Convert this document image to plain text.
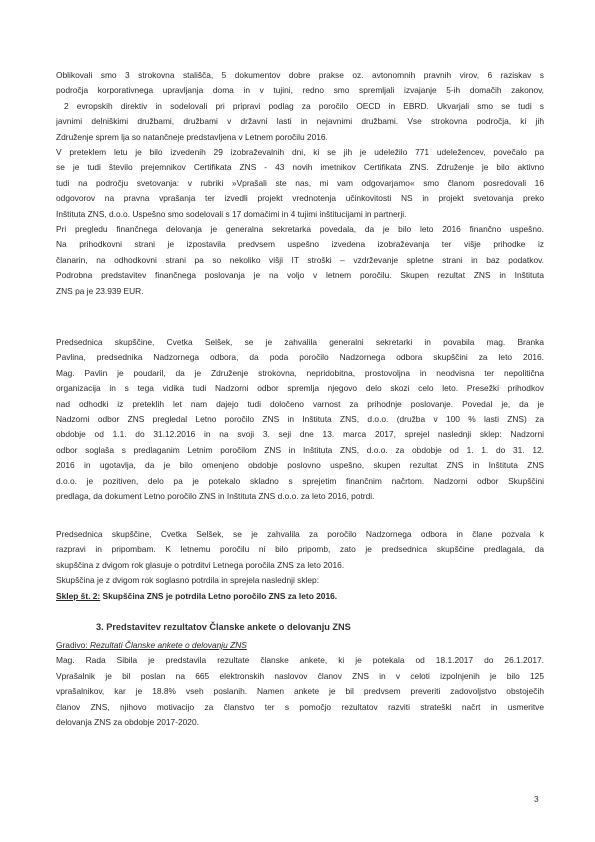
Oblikovali smo 3 strokovna stališča, 5 dokumentov dobre prakse oz. avtonomnih pravnih virov, 6 raziskav s
področja korporativnega upravljanja doma in v tujini, redno smo spremljali izvajanje 5-ih domačih zakonov,
2 evropskih direktiv in sodelovali pri pripravi podlag za poročilo OECD in EBRD. Ukvarjali smo se tudi s
javnimi delniškimi družbami, družbami v državni lasti in nejavnimi družbami. Vse strokovna področja, ki jih
Združenje sprem lja so natančneje predstavljena v Letnem poročilu 2016.
V preteklem letu je bilo izvedenih 29 izobraževalnih dni, ki se jih je udeležilo 771 udeležencev, povečalo pa
se je tudi število prejemnikov Certifikata ZNS - 43 novih imetnikov Certifikata ZNS. Združenje je bilo aktivno
tudi na področju svetovanja: v rubriki »Vprašali ste nas, mi vam odgovarjamo« smo članom posredovali 16
odgovorov na pravna vprašanja ter izvedli projekt vrednotenja učinkovitosti NS in projekt svetovanja preko
Inštituta ZNS, d.o.o. Uspešno smo sodelovali s 17 domačimi in 4 tujimi inštitucijami in partnerji.
Pri pregledu finančnega delovanja je generalna sekretarka povedala, da je bilo leto 2016 finančno uspešno.
Na prihodkovni strani je izpostavila predvsem uspešno izvedena izobraževanja ter višje prihodke iz
članarin, na odhodkovni strani pa so nekoliko višji IT stroški – vzdrževanje spletne strani in baz podatkov.
Podrobna predstavitev finančnega poslovanja je na voljo v letnem poročilu. Skupen rezultat ZNS in Inštituta
ZNS pa je 23.939 EUR.
Predsednica skupščine, Cvetka Selšek, se je zahvalila generalni sekretarki in povabila mag. Branka
Pavlina, predsednika Nadzornega odbora, da poda poročilo Nadzornega odbora skupščini za leto 2016.
Mag. Pavlin je poudaril, da je Združenje strokovna, nepridobitna, prostovoljna in neodvisna ter nepolitična
organizacija in s tega vidika tudi Nadzorni odbor spremlja njegovo delo skozi celo leto. Presežki prihodkov
nad odhodki iz preteklih let nam dajejo tudi določeno varnost za prihodnje poslovanje. Povedal je, da je
Nadzorni odbor ZNS pregledal Letno poročilo ZNS in Inštituta ZNS, d.o.o. (družba v 100 % lasti ZNS) za
obdobje od 1.1. do 31.12.2016 in na svoji 3. seji dne 13. marca 2017, sprejel naslednji sklep: Nadzorni
odbor soglaša s predlaganim Letnim poročilom ZNS in Inštituta ZNS, d.o.o. za obdobje od 1. 1. do 31. 12.
2016 in ugotavlja, da je bilo omenjeno obdobje poslovno uspešno, skupen rezultat ZNS in Inštituta ZNS
d.o.o. je pozitiven, delo pa je potekalo skladno s sprejetim finančnim načrtom. Nadzorni odbor Skupščini
predlaga, da dokument Letno poročilo ZNS in Inštituta ZNS d.o.o. za leto 2016, potrdi.
Predsednica skupščine, Cvetka Selšek, se je zahvalila za poročilo Nadzornega odbora in člane pozvala k
razpravi in pripombam. K letnemu poročilu ni bilo pripomb, zato je predsednica skupščine predlagala, da
skupščina z dvigom rok glasuje o potrditvi Letnega poročila ZNS za leto 2016.
Skupščina je z dvigom rok soglasno potrdila in sprejela naslednji sklep:
Sklep št. 2: Skupščina ZNS je potrdila Letno poročilo ZNS za leto 2016.
3. Predstavitev rezultatov Članske ankete o delovanju ZNS
Gradivo: Rezultati Članske ankete o delovanju ZNS
Mag. Rada Sibila je predstavila rezultate članske ankete, ki je potekala od 18.1.2017 do 26.1.2017.
Vprašalnik je bil poslan na 665 elektronskih naslovov članov ZNS in v celoti izpolnjenih je bilo 125
vprašalnikov, kar je 18.8% vseh poslanih. Namen ankete je bil predvsem preveriti zadovoljstvo obstoječih
članov ZNS, njihovo motivacijo za članstvo ter s pomočjo rezultatov razviti strateški načrt in usmeritve
delovanja ZNS za obdobje 2017-2020.
3
